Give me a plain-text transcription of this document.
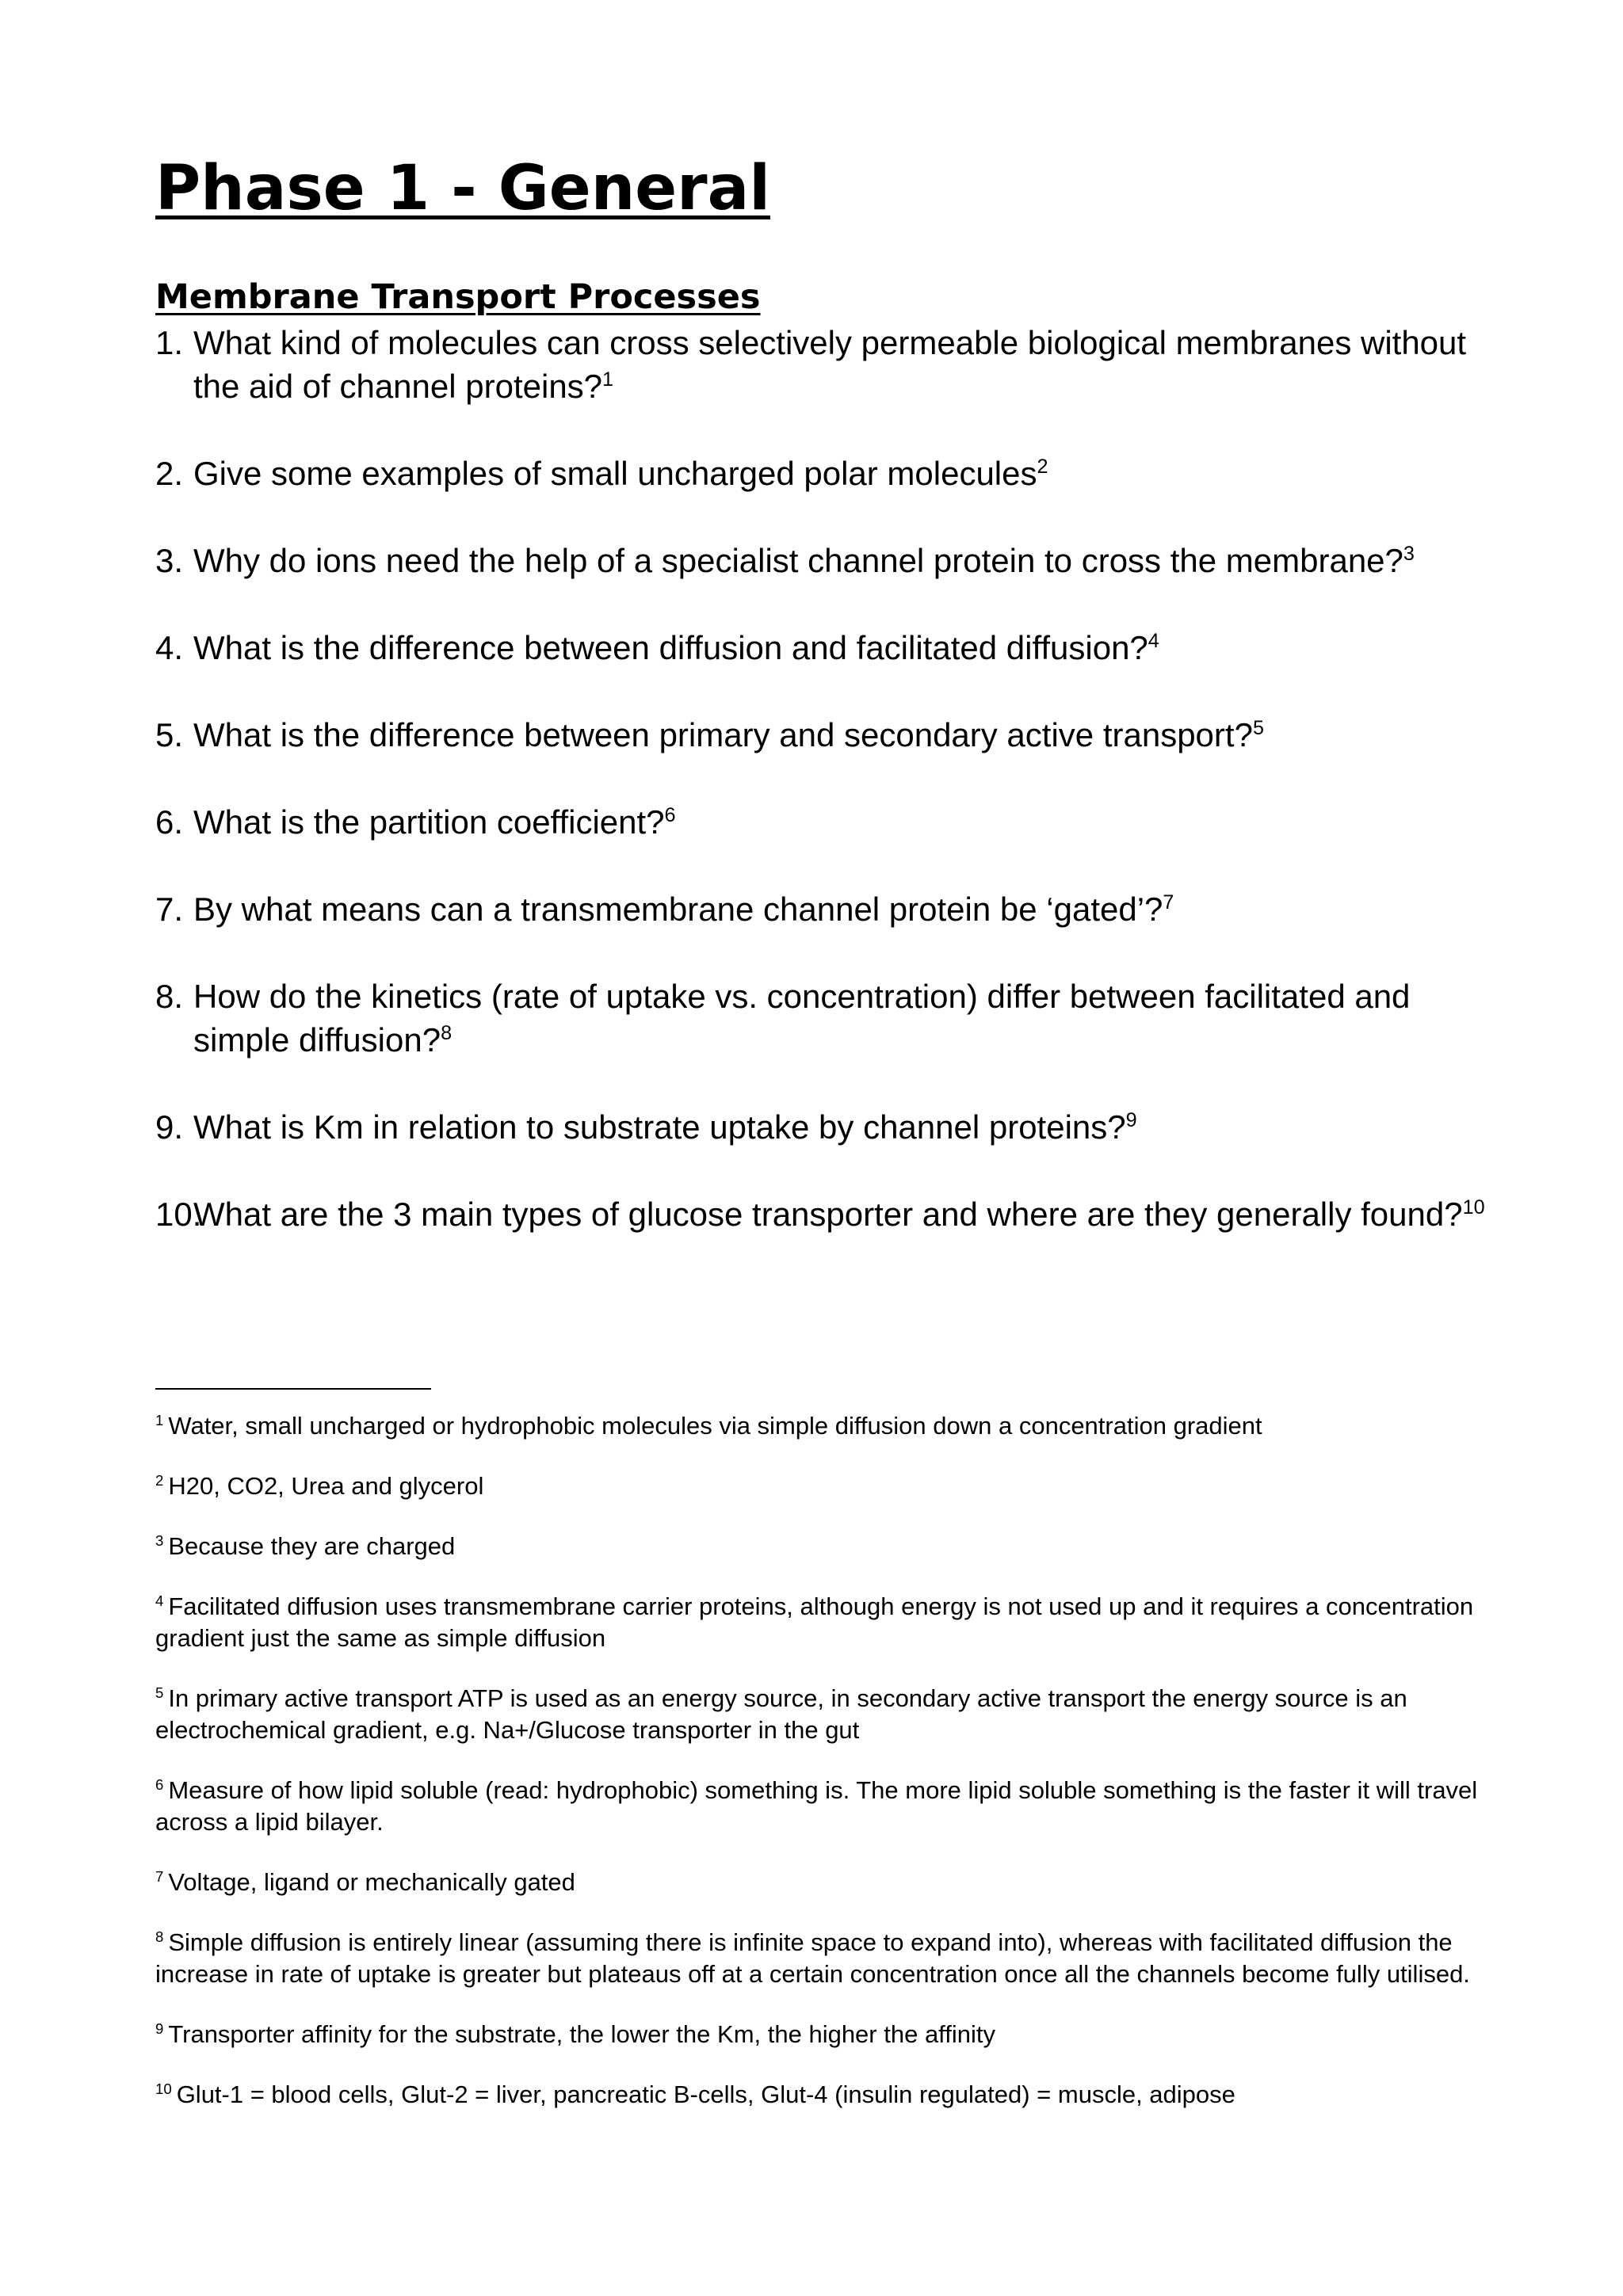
Phase 1 - General
Membrane Transport Processes
1. What kind of molecules can cross selectively permeable biological membranes without the aid of channel proteins?$^1$
2. Give some examples of small uncharged polar molecules$^2$
3. Why do ions need the help of a specialist channel protein to cross the membrane?$^3$
4. What is the difference between diffusion and facilitated diffusion?$^4$
5. What is the difference between primary and secondary active transport?$^5$
6. What is the partition coefficient?$^6$
7. By what means can a transmembrane channel protein be ‘gated’?$^7$
8. How do the kinetics (rate of uptake vs. concentration) differ between facilitated and simple diffusion?$^8$
9. What is Km in relation to substrate uptake by channel proteins?$^9$
10.
What are the 3 main types of glucose transporter and where are they generally found?$^{10}$
$^1$ Water, small uncharged or hydrophobic molecules via simple diffusion down a concentration gradient
$^2$ H20, CO2, Urea and glycerol
$^3$ Because they are charged
$^4$ Facilitated diffusion uses transmembrane carrier proteins, although energy is not used up and it requires a concentration gradient just the same as simple diffusion
$^5$ In primary active transport ATP is used as an energy source, in secondary active transport the energy source is an electrochemical gradient, e.g. Na+/Glucose transporter in the gut
$^6$ Measure of how lipid soluble (read: hydrophobic) something is. The more lipid soluble something is the faster it will travel across a lipid bilayer.
$^7$ Voltage, ligand or mechanically gated
$^8$ Simple diffusion is entirely linear (assuming there is infinite space to expand into), whereas with facilitated diffusion the increase in rate of uptake is greater but plateaus off at a certain concentration once all the channels become fully utilised.
$^9$ Transporter affinity for the substrate, the lower the Km, the higher the affinity
$^{10}$ Glut-1 = blood cells, Glut-2 = liver, pancreatic B-cells, Glut-4 (insulin regulated) = muscle, adipose
